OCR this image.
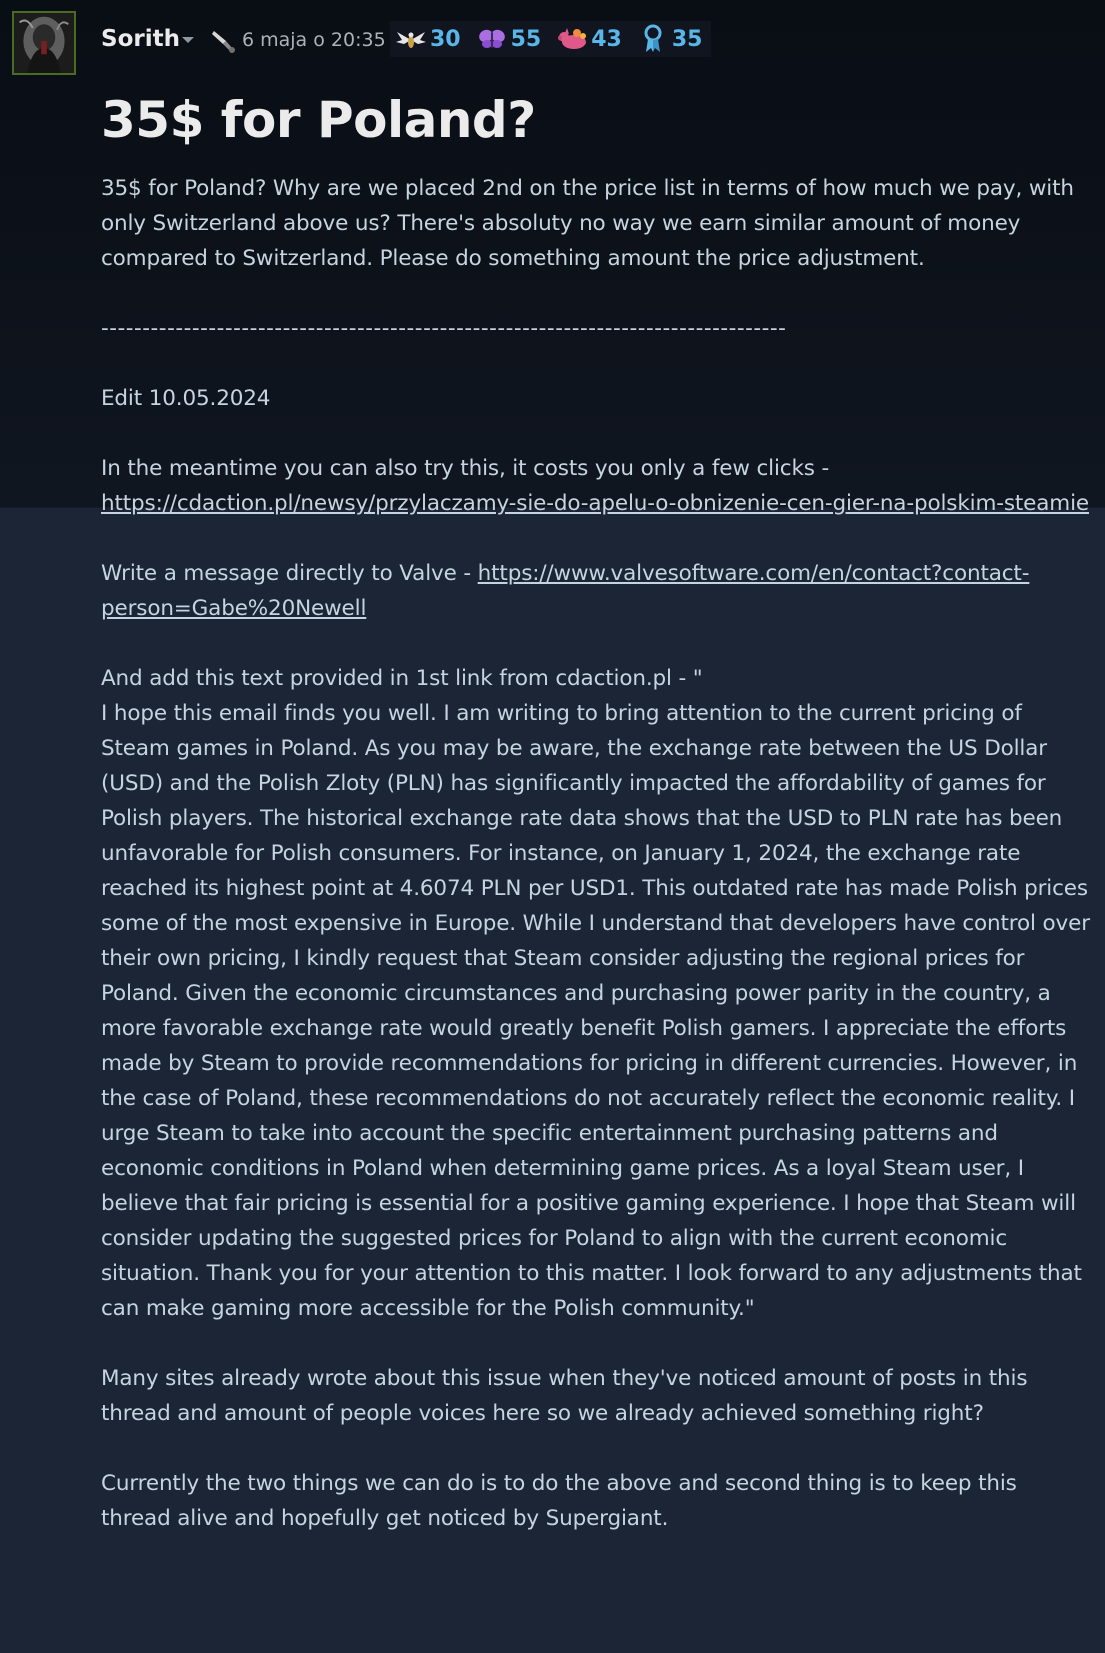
Sorith	6 maja o 20:35 30 55 43 35
35$ for Poland?

35$ for Poland? Why are we placed 2nd on the price list in terms of how much we pay, with only Switzerland above us? There's absoluty no way we earn similar amount of money compared to Switzerland. Please do something amount the price adjustment.

-----------------------------------------------------------------------------------

Edit 10.05.2024

In the meantime you can also try this, it costs you only a few clicks - https://cdaction.pl/newsy/przylaczamy-sie-do-apelu-o-obnizenie-cen-gier-na-polskim-steamie

Write a message directly to Valve - https://www.valvesoftware.com/en/contact?contact-person=Gabe%20Newell

And add this text provided in 1st link from cdaction.pl - "

I hope this email finds you well. I am writing to bring attention to the current pricing of Steam games in Poland. As you may be aware, the exchange rate between the US Dollar (USD) and the Polish Zloty (PLN) has significantly impacted the affordability of games for Polish players. The historical exchange rate data shows that the USD to PLN rate has been unfavorable for Polish consumers. For instance, on January 1, 2024, the exchange rate reached its highest point at 4.6074 PLN per USD1. This outdated rate has made Polish prices some of the most expensive in Europe. While I understand that developers have control over their own pricing, I kindly request that Steam consider adjusting the regional prices for Poland. Given the economic circumstances and purchasing power parity in the country, a more favorable exchange rate would greatly benefit Polish gamers. I appreciate the efforts made by Steam to provide recommendations for pricing in different currencies. However, in the case of Poland, these recommendations do not accurately reflect the economic reality. I urge Steam to take into account the specific entertainment purchasing patterns and economic conditions in Poland when determining game prices. As a loyal Steam user, I believe that fair pricing is essential for a positive gaming experience. I hope that Steam will consider updating the suggested prices for Poland to align with the current economic situation. Thank you for your attention to this matter. I look forward to any adjustments that can make gaming more accessible for the Polish community."

Many sites already wrote about this issue when they've noticed amount of posts in this thread and amount of people voices here so we already achieved something right?

Currently the two things we can do is to do the above and second thing is to keep this thread alive and hopefully get noticed by Supergiant.
